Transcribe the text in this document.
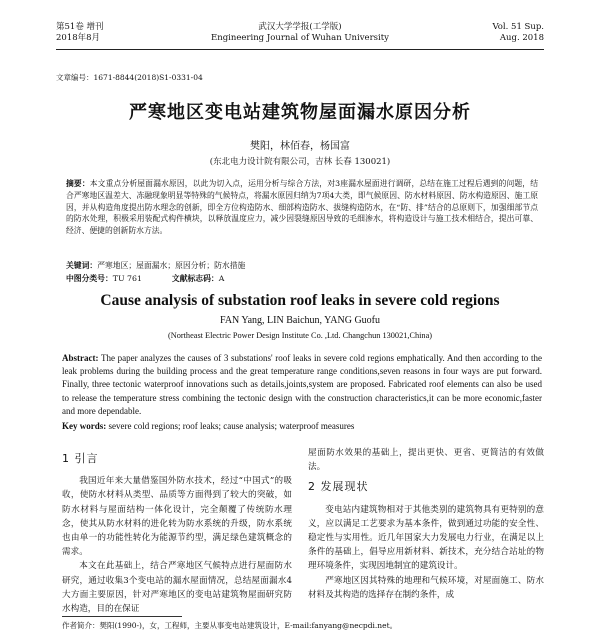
第51卷 增刊
2018年8月
武汉大学学报(工学版)
Engineering Journal of Wuhan University
Vol. 51 Sup.
Aug. 2018
文章编号：1671-8844(2018)S1-0331-04
严寒地区变电站建筑物屋面漏水原因分析
樊阳，林佰春，杨国富
(东北电力设计院有限公司，吉林 长春 130021)
摘要：本文重点分析屋面漏水原因，以此为切入点，运用分析与综合方法，对3座漏水屋面进行调研，总结在施工过程后遇到的问题，结合严寒地区温差大、冻融现象明显等特殊的气候特点，将漏水原因归纳为7项4大类，即气候原因、防水材料原因、防水构造原因、施工原因，并从构造角度提出防水理念的创新，即全方位构造防水、细部构造防水、拔缝构造防水，在“防、排”结合的总原则下，加强细部节点的防水处理，积极采用装配式构件横块，以释放温度应力，减少因裂缝原因导致的毛细渗水，将构造设计与施工技术相结合，提出可靠、经济、便捷的创新防水方法。
关键词：严寒地区；屋面漏水；原因分析；防水措施
中图分类号：TU 761	文献标志码：A
Cause analysis of substation roof leaks in severe cold regions
FAN Yang, LIN Baichun, YANG Guofu
(Northeast Electric Power Design Institute Co. ,Ltd. Changchun 130021,China)
Abstract: The paper analyzes the causes of 3 substations' roof leaks in severe cold regions emphatically. And then according to the leak problems during the building process and the great temperature range conditions,seven reasons in four ways are put forward. Finally, three tectonic waterproof innovations such as details,joints,system are proposed. Fabricated roof elements can also be used to release the temperature stress combining the tectonic design with the construction characteristics,it can be more economic,faster and more dependable.
Key words: severe cold regions; roof leaks; cause analysis; waterproof measures
1 引言

我国近年来大量借鉴国外防水技术，经过“中国式”的吸收，使防水材料从类型、品质等方面得到了较大的突破，如防水材料与屋面结构一体化设计，完全颠覆了传统防水理念，使其从防水材料的进化转为防水系统的升级，防水系统也由单一的功能性转化为能源节约型，满足绿色建筑概念的需求。

本文在此基础上，结合严寒地区气候特点进行屋面防水研究，通过收集3个变电站的漏水屋面情况，总结屋面漏水4大方面主要原因，针对严寒地区的变电站建筑物屋面研究防水构造，目的在保证

屋面防水效果的基础上，提出更快、更省、更简洁的有效做法。

2 发展现状

变电站内建筑物相对于其他类别的建筑物具有更特别的意义，应以满足工艺要求为基本条件，做到通过功能的安全性、稳定性与实用性。近几年国家大力发展电力行业，在满足以上条件的基础上，倡导应用新材料、新技术，充分结合站址的物理环境条件，实现因地制宜的建筑设计。

严寒地区因其特殊的地理和气候环境，对屋面施工、防水材料及其构造的选择存在制约条件，成

作者简介：樊阳(1990-)，女，工程师，主要从事变电站建筑设计，E-mail:fanyang@necpdi.net。
